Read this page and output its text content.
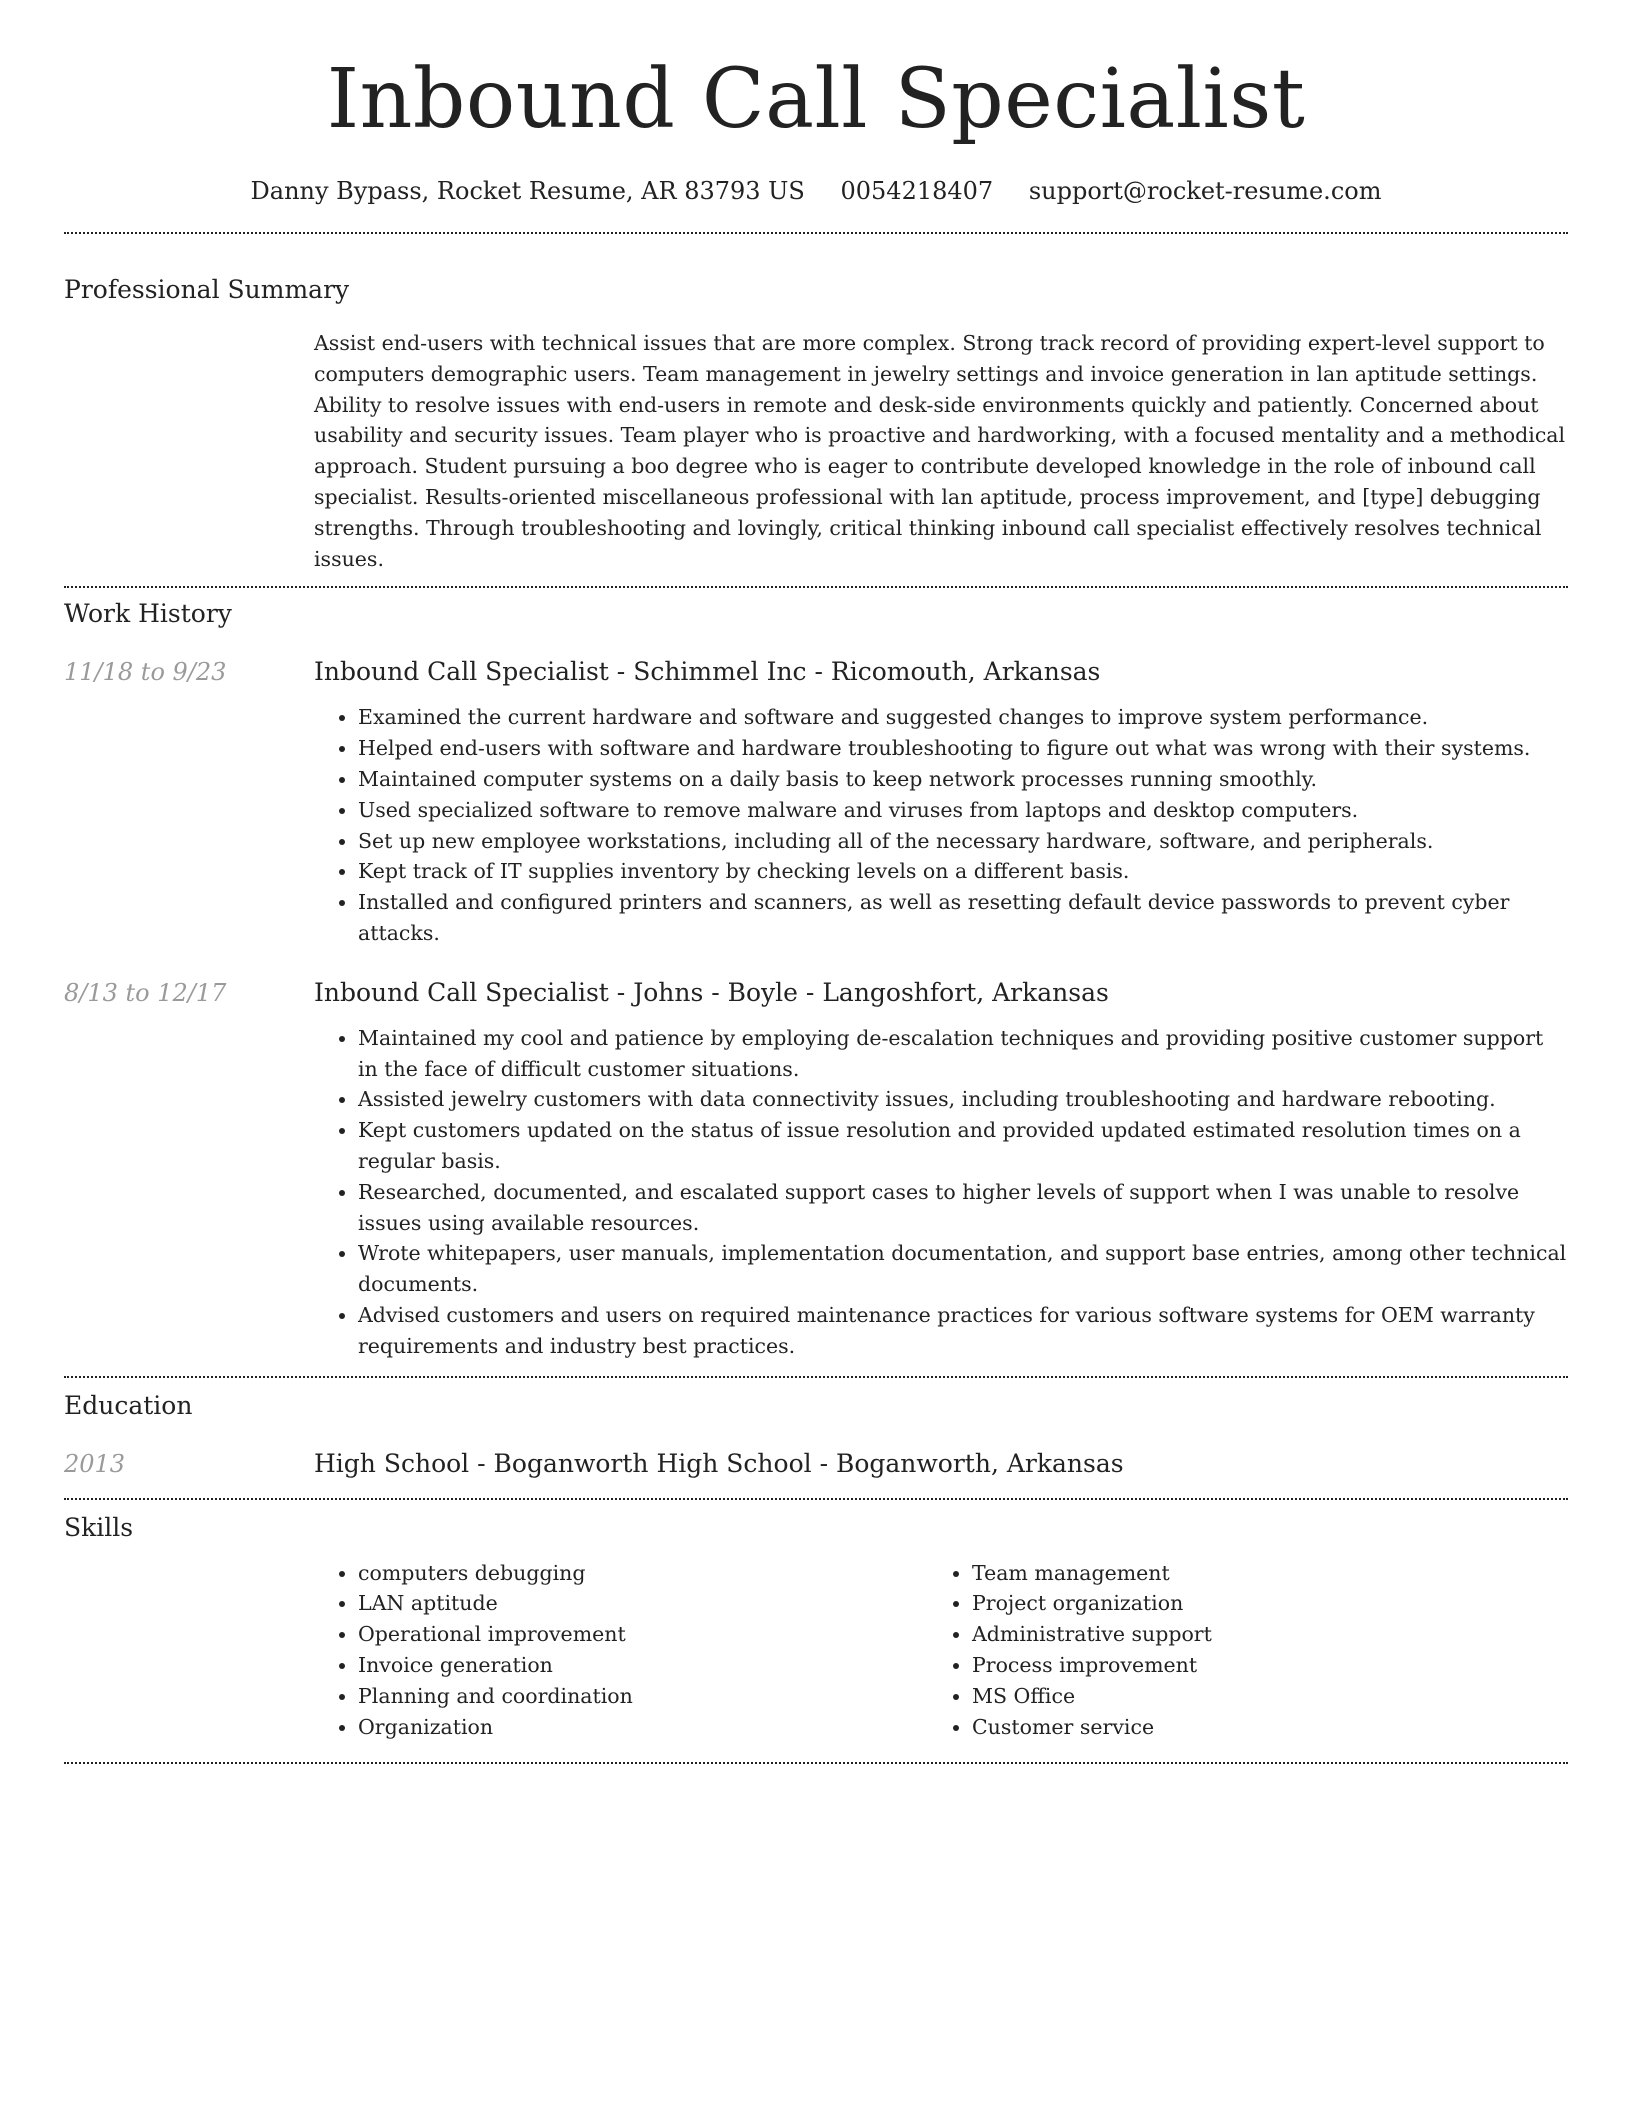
Inbound Call Specialist
Danny Bypass, Rocket Resume, AR 83793 US 0054218407 support@rocket-resume.com
Professional Summary

Assist end-users with technical issues that are more complex. Strong track record of providing expert-level support to computers demographic users. Team management in jewelry settings and invoice generation in lan aptitude settings. Ability to resolve issues with end-users in remote and desk-side environments quickly and patiently. Concerned about usability and security issues. Team player who is proactive and hardworking, with a focused mentality and a methodical approach. Student pursuing a boo degree who is eager to contribute developed knowledge in the role of inbound call specialist. Results-oriented miscellaneous professional with lan aptitude, process improvement, and [type] debugging strengths. Through troubleshooting and lovingly, critical thinking inbound call specialist effectively resolves technical issues.

Work History
11/18 to 9/23	Inbound Call Specialist - Schimmel Inc - Ricomouth, Arkansas
• Examined the current hardware and software and suggested changes to improve system performance.
• Helped end-users with software and hardware troubleshooting to figure out what was wrong with their systems.
• Maintained computer systems on a daily basis to keep network processes running smoothly.
• Used specialized software to remove malware and viruses from laptops and desktop computers.
• Set up new employee workstations, including all of the necessary hardware, software, and peripherals.
• Kept track of IT supplies inventory by checking levels on a different basis.
• Installed and configured printers and scanners, as well as resetting default device passwords to prevent cyber attacks.
8/13 to 12/17	Inbound Call Specialist - Johns - Boyle - Langoshfort, Arkansas
• Maintained my cool and patience by employing de-escalation techniques and providing positive customer support in the face of difficult customer situations.
• Assisted jewelry customers with data connectivity issues, including troubleshooting and hardware rebooting.
• Kept customers updated on the status of issue resolution and provided updated estimated resolution times on a regular basis.
• Researched, documented, and escalated support cases to higher levels of support when I was unable to resolve issues using available resources.
• Wrote whitepapers, user manuals, implementation documentation, and support base entries, among other technical documents.
• Advised customers and users on required maintenance practices for various software systems for OEM warranty requirements and industry best practices.
Education
2013	High School - Boganworth High School - Boganworth, Arkansas
Skills
• computers debugging
• LAN aptitude
• Operational improvement
• Invoice generation
• Planning and coordination
• Organization
• Team management
• Project organization
• Administrative support
• Process improvement
• MS Office
• Customer service
